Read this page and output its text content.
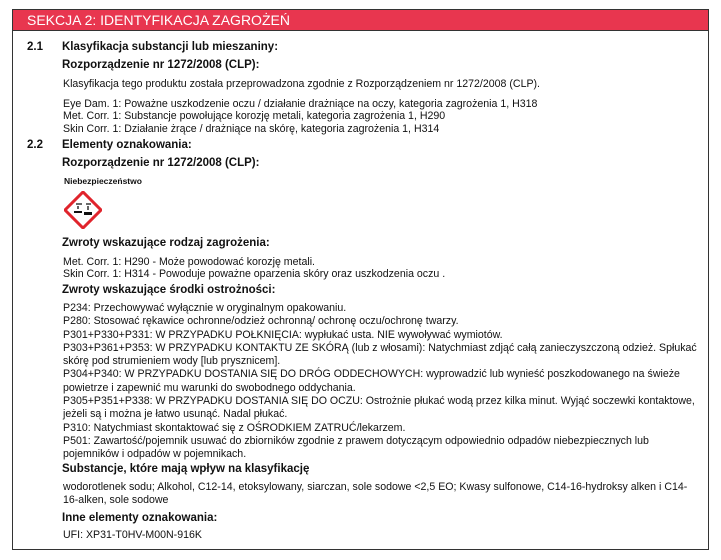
SEKCJA 2: IDENTYFIKACJA ZAGROŻEŃ
2.1 Klasyfikacja substancji lub mieszaniny:
Rozporządzenie nr 1272/2008 (CLP):
Klasyfikacja tego produktu została przeprowadzona zgodnie z Rozporządzeniem nr 1272/2008 (CLP).
Eye Dam. 1: Poważne uszkodzenie oczu / działanie drażniące na oczy, kategoria zagrożenia 1, H318
Met. Corr. 1: Substancje powołujące korozję metali, kategoria zagrożenia 1, H290
Skin Corr. 1: Działanie żrące / drażniące na skórę, kategoria zagrożenia 1, H314
2.2 Elementy oznakowania:
Rozporządzenie nr 1272/2008 (CLP):
Niebezpieczeństwo
Zwroty wskazujące rodzaj zagrożenia:
Met. Corr. 1: H290 - Może powodować korozję metali.
Skin Corr. 1: H314 - Powoduje poważne oparzenia skóry oraz uszkodzenia oczu .
Zwroty wskazujące środki ostrożności:
P234: Przechowywać wyłącznie w oryginalnym opakowaniu.
P280: Stosować rękawice ochronne/odzież ochronną/ ochronę oczu/ochronę twarzy.
P301+P330+P331: W PRZYPADKU POŁKNIĘCIA: wypłukać usta. NIE wywoływać wymiotów.
P303+P361+P353: W PRZYPADKU KONTAKTU ZE SKÓRĄ (lub z włosami): Natychmiast zdjąć całą zanieczyszczoną odzież. Spłukać
skórę pod strumieniem wody [lub prysznicem].
P304+P340: W PRZYPADKU DOSTANIA SIĘ DO DRÓG ODDECHOWYCH: wyprowadzić lub wynieść poszkodowanego na świeże
powietrze i zapewnić mu warunki do swobodnego oddychania.
P305+P351+P338: W PRZYPADKU DOSTANIA SIĘ DO OCZU: Ostrożnie płukać wodą przez kilka minut. Wyjąć soczewki kontaktowe,
jeżeli są i można je łatwo usunąć. Nadal płukać.
P310: Natychmiast skontaktować się z OŚRODKIEM ZATRUĆ/lekarzem.
P501: Zawartość/pojemnik usuwać do zbiorników zgodnie z prawem dotyczącym odpowiednio odpadów niebezpiecznych lub
pojemników i odpadów w pojemnikach.
Substancje, które mają wpływ na klasyfikację
wodorotlenek sodu; Alkohol, C12-14, etoksylowany, siarczan, sole sodowe <2,5 EO; Kwasy sulfonowe, C14-16-hydroksy alken i C14-
16-alken, sole sodowe
Inne elementy oznakowania:
UFI: XP31-T0HV-M00N-916K
